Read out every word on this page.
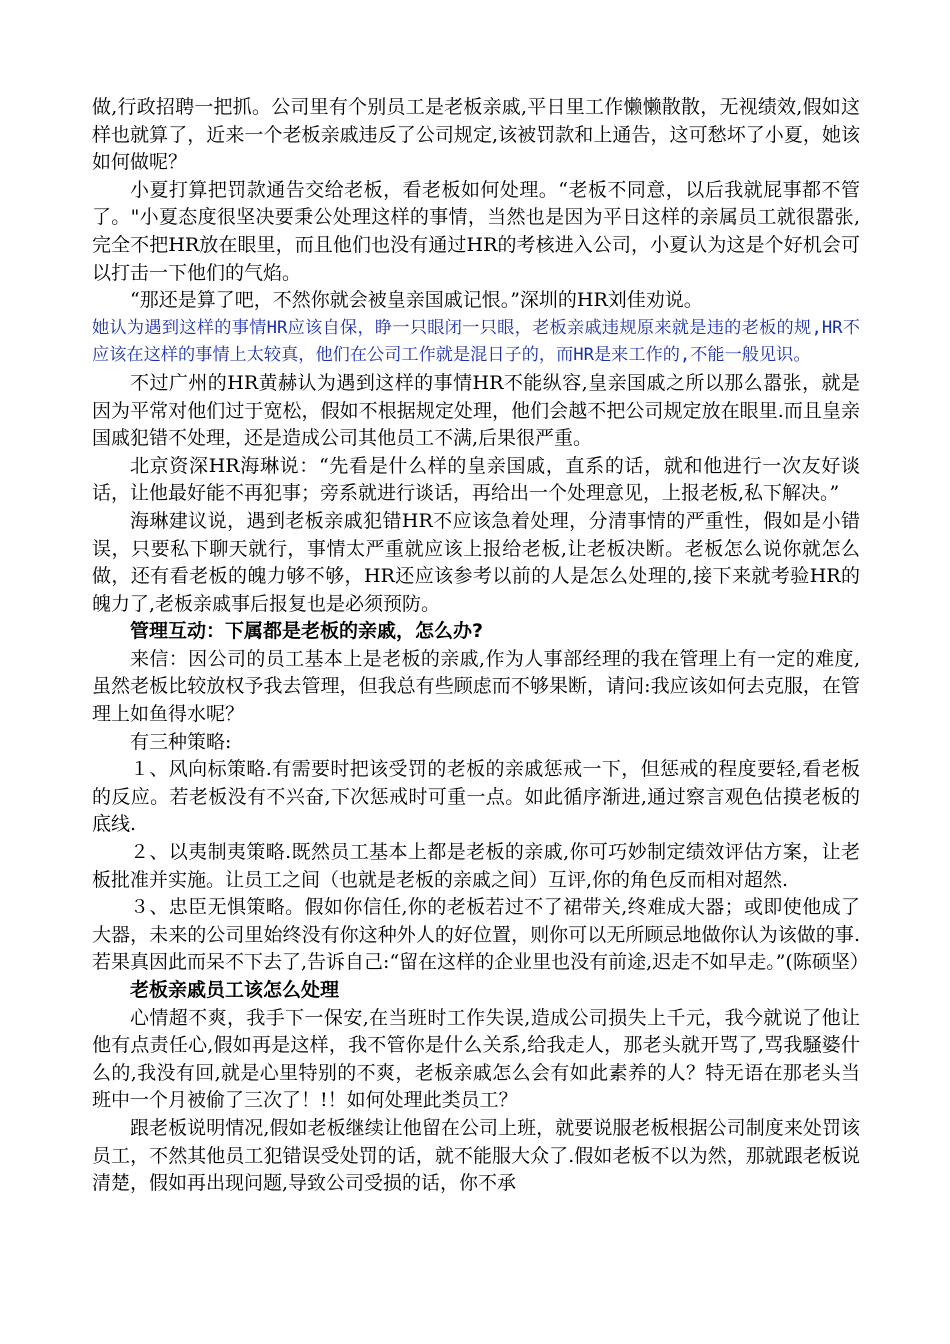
做,行政招聘一把抓。公司里有个别员工是老板亲戚,平日里工作懒懒散散，无视绩效,假如这样也就算了，近来一个老板亲戚违反了公司规定,该被罚款和上通告，这可愁坏了小夏，她该如何做呢？

小夏打算把罚款通告交给老板，看老板如何处理。“老板不同意，以后我就屁事都不管了。"小夏态度很坚决要秉公处理这样的事情，当然也是因为平日这样的亲属员工就很嚣张,完全不把HR放在眼里，而且他们也没有通过HR的考核进入公司，小夏认为这是个好机会可以打击一下他们的气焰。

“那还是算了吧，不然你就会被皇亲国戚记恨。”深圳的HR刘佳劝说。

她认为遇到这样的事情HR应该自保，睁一只眼闭一只眼，老板亲戚违规原来就是违的老板的规,HR不应该在这样的事情上太较真，他们在公司工作就是混日子的，而HR是来工作的,不能一般见识。

不过广州的HR黄赫认为遇到这样的事情HR不能纵容,皇亲国戚之所以那么嚣张，就是因为平常对他们过于宽松，假如不根据规定处理，他们会越不把公司规定放在眼里.而且皇亲国戚犯错不处理，还是造成公司其他员工不满,后果很严重。

北京资深HR海琳说：“先看是什么样的皇亲国戚，直系的话，就和他进行一次友好谈话，让他最好能不再犯事；旁系就进行谈话，再给出一个处理意见，上报老板,私下解决。”

海琳建议说，遇到老板亲戚犯错HR不应该急着处理，分清事情的严重性，假如是小错误，只要私下聊天就行，事情太严重就应该上报给老板,让老板决断。老板怎么说你就怎么做，还有看老板的魄力够不够，HR还应该参考以前的人是怎么处理的,接下来就考验HR的魄力了,老板亲戚事后报复也是必须预防。

管理互动：下属都是老板的亲戚，怎么办?

来信：因公司的员工基本上是老板的亲戚,作为人事部经理的我在管理上有一定的难度,虽然老板比较放权予我去管理，但我总有些顾虑而不够果断，请问:我应该如何去克服，在管理上如鱼得水呢？

有三种策略:

１、风向标策略.有需要时把该受罚的老板的亲戚惩戒一下，但惩戒的程度要轻,看老板的反应。若老板没有不兴奋,下次惩戒时可重一点。如此循序渐进,通过察言观色估摸老板的底线.

２、以夷制夷策略.既然员工基本上都是老板的亲戚,你可巧妙制定绩效评估方案，让老板批准并实施。让员工之间（也就是老板的亲戚之间）互评,你的角色反而相对超然.

３、忠臣无惧策略。假如你信任,你的老板若过不了裙带关,终难成大器；或即使他成了大器，未来的公司里始终没有你这种外人的好位置，则你可以无所顾忌地做你认为该做的事.若果真因此而呆不下去了,告诉自己:“留在这样的企业里也没有前途,迟走不如早走。”(陈硕坚）

老板亲戚员工该怎么处理

心情超不爽，我手下一保安,在当班时工作失误,造成公司损失上千元，我今就说了他让他有点责任心,假如再是这样，我不管你是什么关系,给我走人，那老头就开骂了,骂我騒婆什么的,我没有回,就是心里特别的不爽，老板亲戚怎么会有如此素养的人？特无语在那老头当班中一个月被偷了三次了！!！如何处理此类员工？

跟老板说明情况,假如老板继续让他留在公司上班，就要说服老板根据公司制度来处罚该员工，不然其他员工犯错误受处罚的话，就不能服大众了.假如老板不以为然，那就跟老板说清楚，假如再出现问题,导致公司受损的话，你不承
